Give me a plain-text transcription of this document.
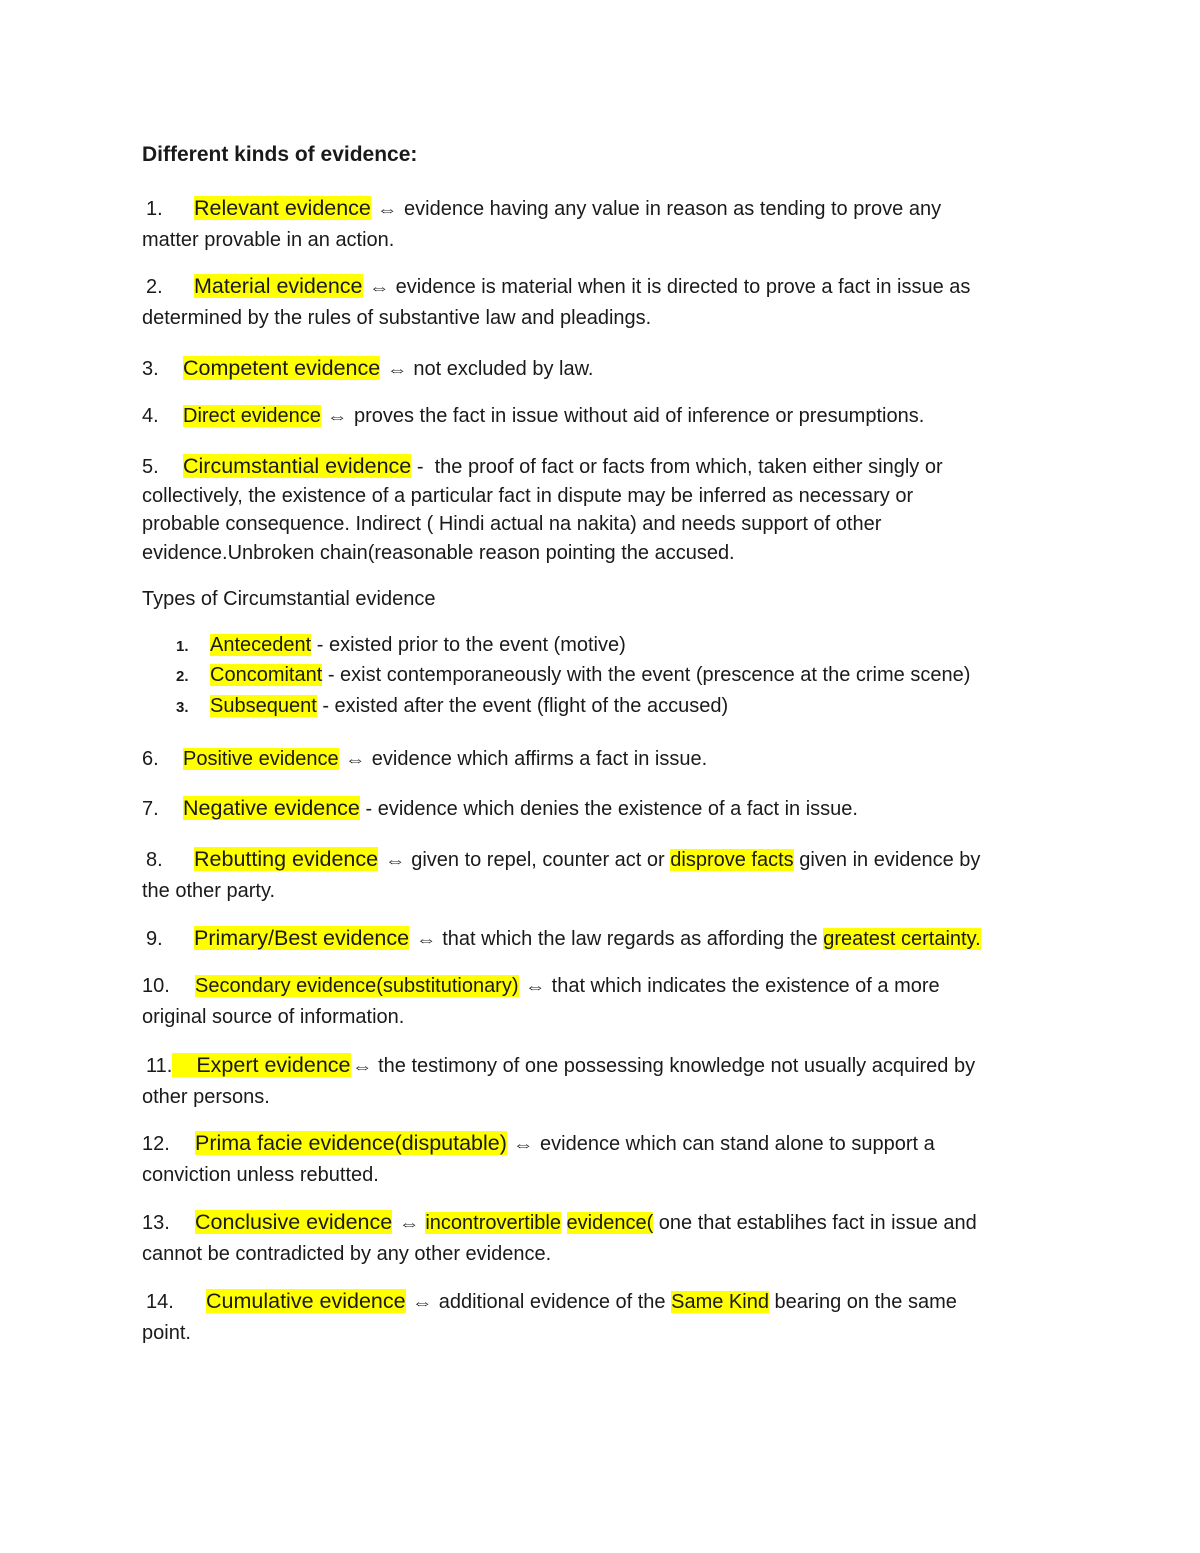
Different kinds of evidence:
1. Relevant evidence ⇔ evidence having any value in reason as tending to prove any
matter provable in an action.
2. Material evidence ⇔ evidence is material when it is directed to prove a fact in issue as
determined by the rules of substantive law and pleadings.
3. Competent evidence ⇔ not excluded by law.
4. Direct evidence ⇔ proves the fact in issue without aid of inference or presumptions.
5. Circumstantial evidence - the proof of fact or facts from which, taken either singly or
collectively, the existence of a particular fact in dispute may be inferred as necessary or
probable consequence. Indirect ( Hindi actual na nakita) and needs support of other
evidence.Unbroken chain(reasonable reason pointing the accused.
Types of Circumstantial evidence
1. Antecedent - existed prior to the event (motive)
2. Concomitant - exist contemporaneously with the event (prescence at the crime scene)
3. Subsequent - existed after the event (flight of the accused)
6. Positive evidence ⇔ evidence which affirms a fact in issue.
7. Negative evidence - evidence which denies the existence of a fact in issue.
8. Rebutting evidence ⇔ given to repel, counter act or disprove facts given in evidence by
the other party.
9. Primary/Best evidence ⇔ that which the law regards as affording the greatest certainty.
10. Secondary evidence(substitutionary) ⇔ that which indicates the existence of a more
original source of information.
11. Expert evidence⇔ the testimony of one possessing knowledge not usually acquired by
other persons.
12. Prima facie evidence(disputable) ⇔ evidence which can stand alone to support a
conviction unless rebutted.
13. Conclusive evidence ⇔ incontrovertible evidence( one that establihes fact in issue and
cannot be contradicted by any other evidence.
14. Cumulative evidence ⇔ additional evidence of the Same Kind bearing on the same
point.
